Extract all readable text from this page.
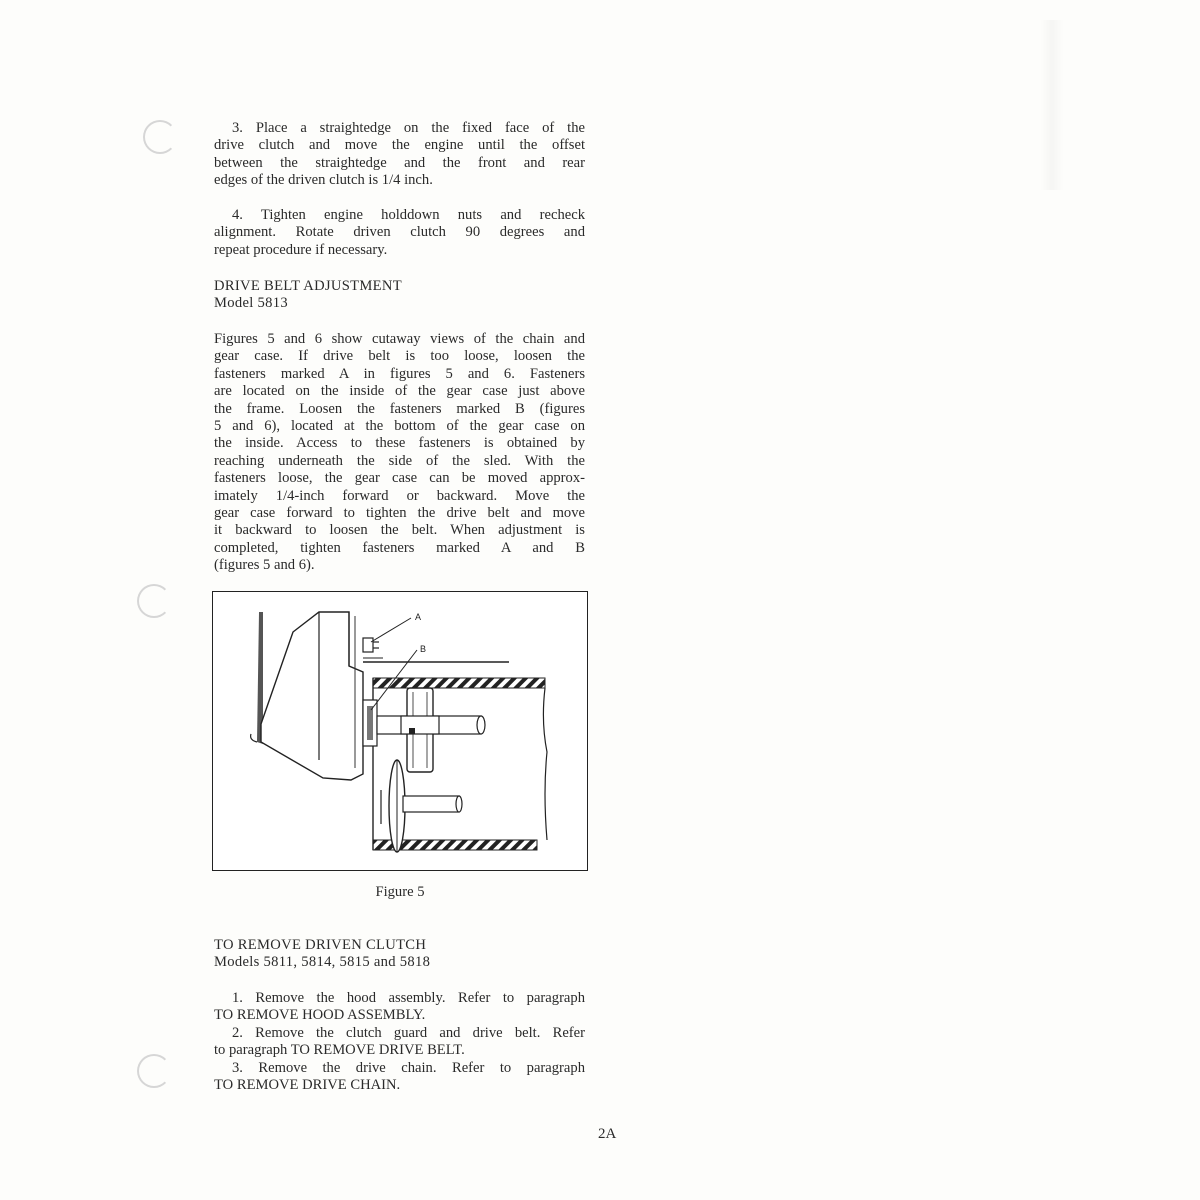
3. Place a straightedge on the fixed face of the

drive clutch and move the engine until the offset

between the straightedge and the front and rear

edges of the driven clutch is 1/4 inch.

4. Tighten engine holddown nuts and recheck

alignment. Rotate driven clutch 90 degrees and

repeat procedure if necessary.

DRIVE BELT ADJUSTMENT

Model 5813

Figures 5 and 6 show cutaway views of the chain and

gear case. If drive belt is too loose, loosen the

fasteners marked A in figures 5 and 6. Fasteners

are located on the inside of the gear case just above

the frame. Loosen the fasteners marked B (figures

5 and 6), located at the bottom of the gear case on

the inside. Access to these fasteners is obtained by

reaching underneath the side of the sled. With the

fasteners loose, the gear case can be moved approx-

imately 1/4-inch forward or backward. Move the

gear case forward to tighten the drive belt and move

it backward to loosen the belt. When adjustment is

completed, tighten fasteners marked A and B

(figures 5 and 6).

A
B
Figure 5

TO REMOVE DRIVEN CLUTCH

Models 5811, 5814, 5815 and 5818

1. Remove the hood assembly. Refer to paragraph

TO REMOVE HOOD ASSEMBLY.

2. Remove the clutch guard and drive belt. Refer

to paragraph TO REMOVE DRIVE BELT.

3. Remove the drive chain. Refer to paragraph

TO REMOVE DRIVE CHAIN.

2A
